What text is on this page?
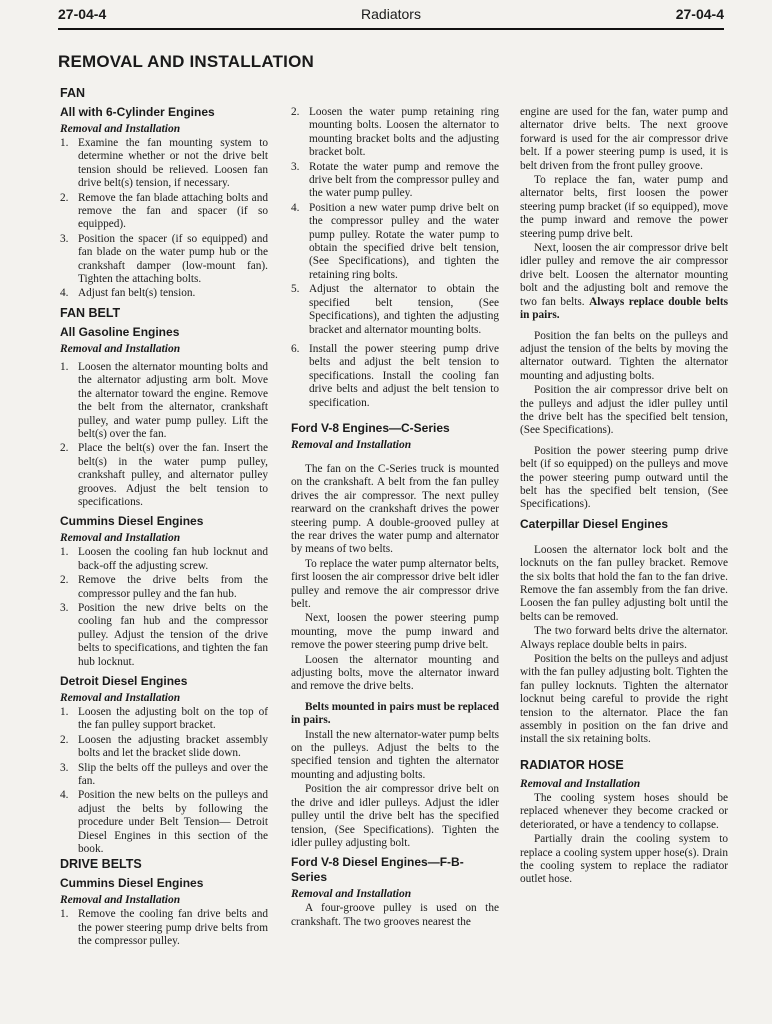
27-04-4	Radiators	27-04-4
REMOVAL AND INSTALLATION
FAN
All with 6-Cylinder Engines
Removal and Installation
1. Examine the fan mounting system to determine whether or not the drive belt tension should be relieved. Loosen fan drive belt(s) tension, if necessary.
2. Remove the fan blade attaching bolts and remove the fan and spacer (if so equipped).
3. Position the spacer (if so equipped) and fan blade on the water pump hub or the crankshaft damper (low-mount fan). Tighten the attaching bolts.
4. Adjust fan belt(s) tension.
FAN BELT
All Gasoline Engines
Removal and Installation
1. Loosen the alternator mounting bolts and the alternator adjusting arm bolt. Move the alternator toward the engine. Remove the belt from the alternator, crankshaft pulley, and water pump pulley. Lift the belt(s) over the fan.
2. Place the belt(s) over the fan. Insert the belt(s) in the water pump pulley, crankshaft pulley, and alternator pulley grooves. Adjust the belt tension to specifications.
Cummins Diesel Engines
Removal and Installation
1. Loosen the cooling fan hub locknut and back-off the adjusting screw.
2. Remove the drive belts from the compressor pulley and the fan hub.
3. Position the new drive belts on the cooling fan hub and the compressor pulley. Adjust the tension of the drive belts to specifications, and tighten the fan hub locknut.
Detroit Diesel Engines
Removal and Installation
1. Loosen the adjusting bolt on the top of the fan pulley support bracket.
2. Loosen the adjusting bracket assembly bolts and let the bracket slide down.
3. Slip the belts off the pulleys and over the fan.
4. Position the new belts on the pulleys and adjust the belts by following the procedure under Belt Tension— Detroit Diesel Engines in this section of the book.
DRIVE BELTS
Cummins Diesel Engines
Removal and Installation
1. Remove the cooling fan drive belts and the power steering pump drive belts from the compressor pulley.
2. Loosen the water pump retaining ring mounting bolts. Loosen the alternator to mounting bracket bolts and the adjusting bracket bolt.
3. Rotate the water pump and remove the drive belt from the compressor pulley and the water pump pulley.
4. Position a new water pump drive belt on the compressor pulley and the water pump pulley. Rotate the water pump to obtain the specified drive belt tension, (See Specifications), and tighten the retaining ring bolts.
5. Adjust the alternator to obtain the specified belt tension, (See Specifications), and tighten the adjusting bracket and alternator mounting bolts.
6. Install the power steering pump drive belts and adjust the belt tension to specifications. Install the cooling fan drive belts and adjust the belt tension to specification.
Ford V-8 Engines—C-Series
Removal and Installation

The fan on the C-Series truck is mounted on the crankshaft. A belt from the fan pulley drives the air compressor. The next pulley rearward on the crankshaft drives the power steering pump. A double-grooved pulley at the rear drives the water pump and alternator by means of two belts.

To replace the water pump alternator belts, first loosen the air compressor drive belt idler pulley and remove the air compressor drive belt.

Next, loosen the power steering pump mounting, move the pump inward and remove the power steering pump drive belt.

Loosen the alternator mounting and adjusting bolts, move the alternator inward and remove the drive belts.

Belts mounted in pairs must be replaced in pairs.

Install the new alternator-water pump belts on the pulleys. Adjust the belts to the specified tension and tighten the alternator mounting and adjusting bolts.

Position the air compressor drive belt on the drive and idler pulleys. Adjust the idler pulley until the drive belt has the specified tension, (See Specifications). Tighten the idler pulley adjusting bolt.

Ford V-8 Diesel Engines—F-B-Series
Removal and Installation

A four-groove pulley is used on the crankshaft. The two grooves nearest the

engine are used for the fan, water pump and alternator drive belts. The next groove forward is used for the air compressor drive belt. If a power steering pump is used, it is belt driven from the front pulley groove.

To replace the fan, water pump and alternator belts, first loosen the power steering pump bracket (if so equipped), move the pump inward and remove the power steering pump drive belt.

Next, loosen the air compressor drive belt idler pulley and remove the air compressor drive belt. Loosen the alternator mounting bolt and the adjusting bolt and remove the two fan belts. Always replace double belts in pairs.

Position the fan belts on the pulleys and adjust the tension of the belts by moving the alternator outward. Tighten the alternator mounting and adjusting bolts.

Position the air compressor drive belt on the pulleys and adjust the idler pulley until the drive belt has the specified belt tension, (See Specifications).

Position the power steering pump drive belt (if so equipped) on the pulleys and move the power steering pump outward until the belt has the specified belt tension, (See Specifications).

Caterpillar Diesel Engines

Loosen the alternator lock bolt and the locknuts on the fan pulley bracket. Remove the six bolts that hold the fan to the fan drive. Remove the fan assembly from the fan drive. Loosen the fan pulley adjusting bolt until the belts can be removed.

The two forward belts drive the alternator. Always replace double belts in pairs.

Position the belts on the pulleys and adjust with the fan pulley adjusting bolt. Tighten the fan pulley locknuts. Tighten the alternator locknut being careful to provide the right tension to the alternator. Place the fan assembly in position on the fan drive and install the six retaining bolts.

RADIATOR HOSE
Removal and Installation

The cooling system hoses should be replaced whenever they become cracked or deteriorated, or have a tendency to collapse.

Partially drain the cooling system to replace a cooling system upper hose(s). Drain the cooling system to replace the radiator outlet hose.
